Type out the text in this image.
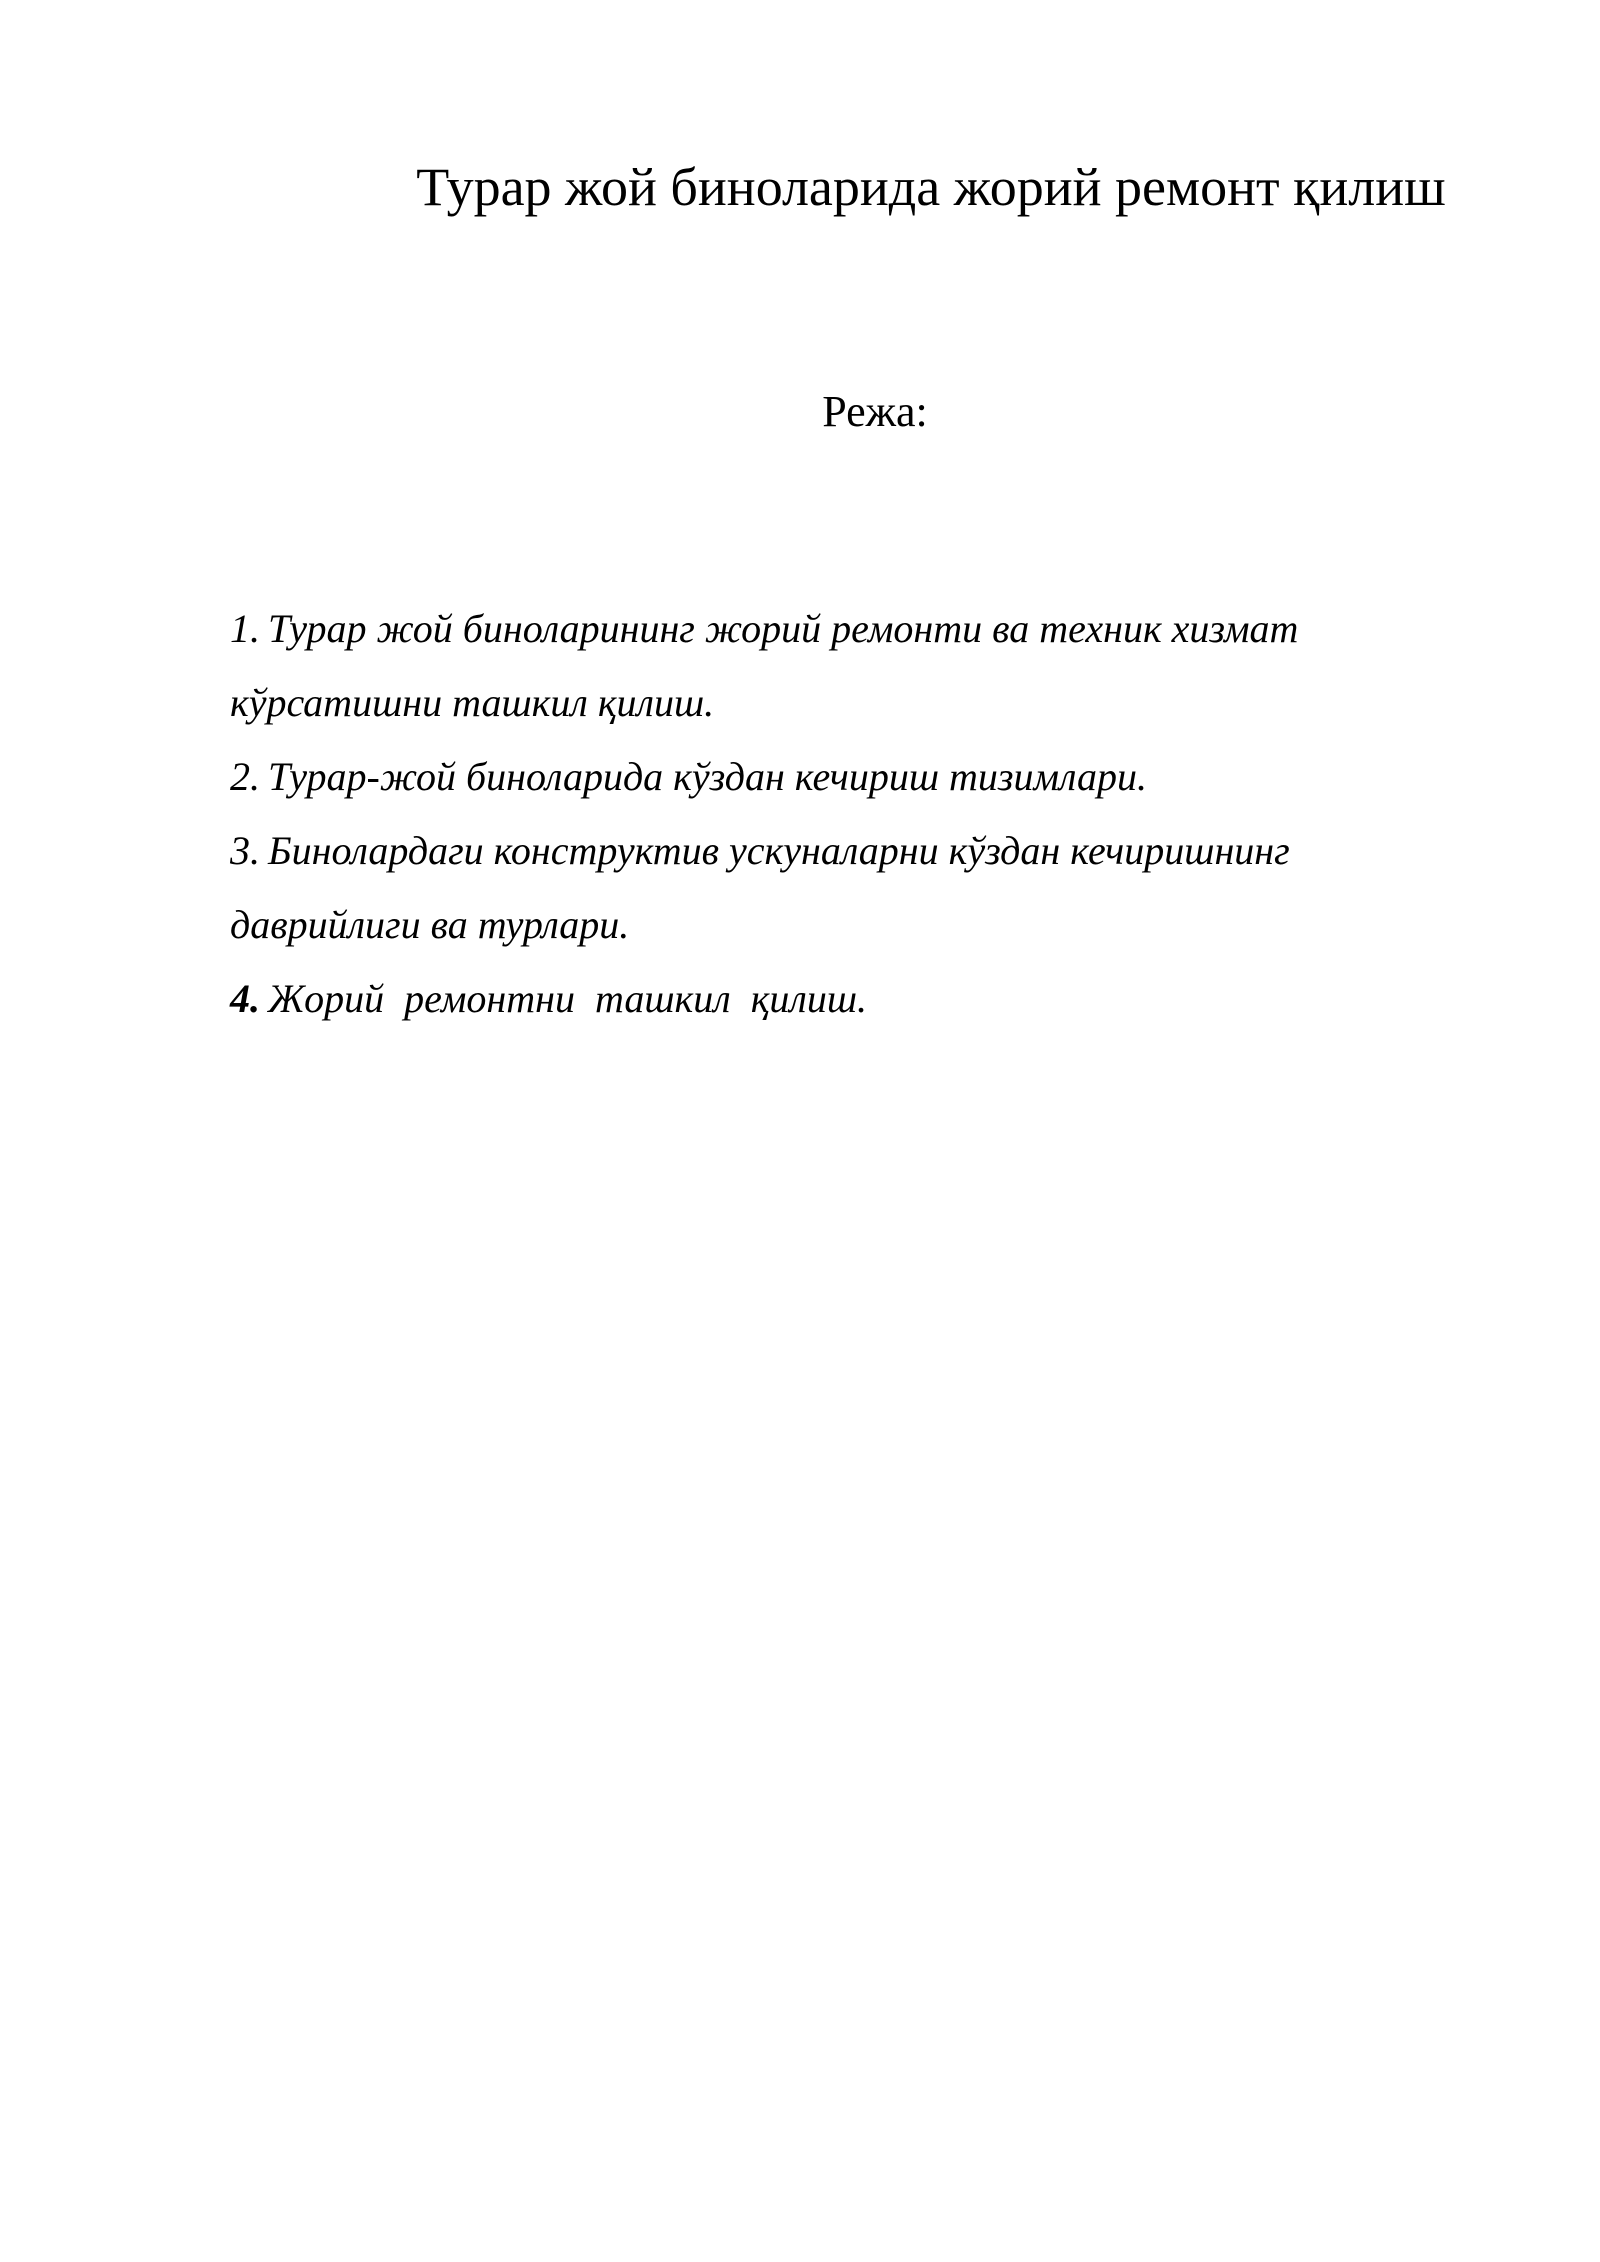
Турар жой биноларида жорий ремонт қилиш
Режа:
1. Турар жой биноларининг жорий ремонти ва техник хизмат кўрсатишни ташкил қилиш.
2. Турар-жой биноларида кўздан кечириш тизимлари.
3. Бинолардаги конструктив ускуналарни кўздан кечиришнинг даврийлиги ва турлари.
4. Жорий  ремонтни  ташкил  қилиш.
